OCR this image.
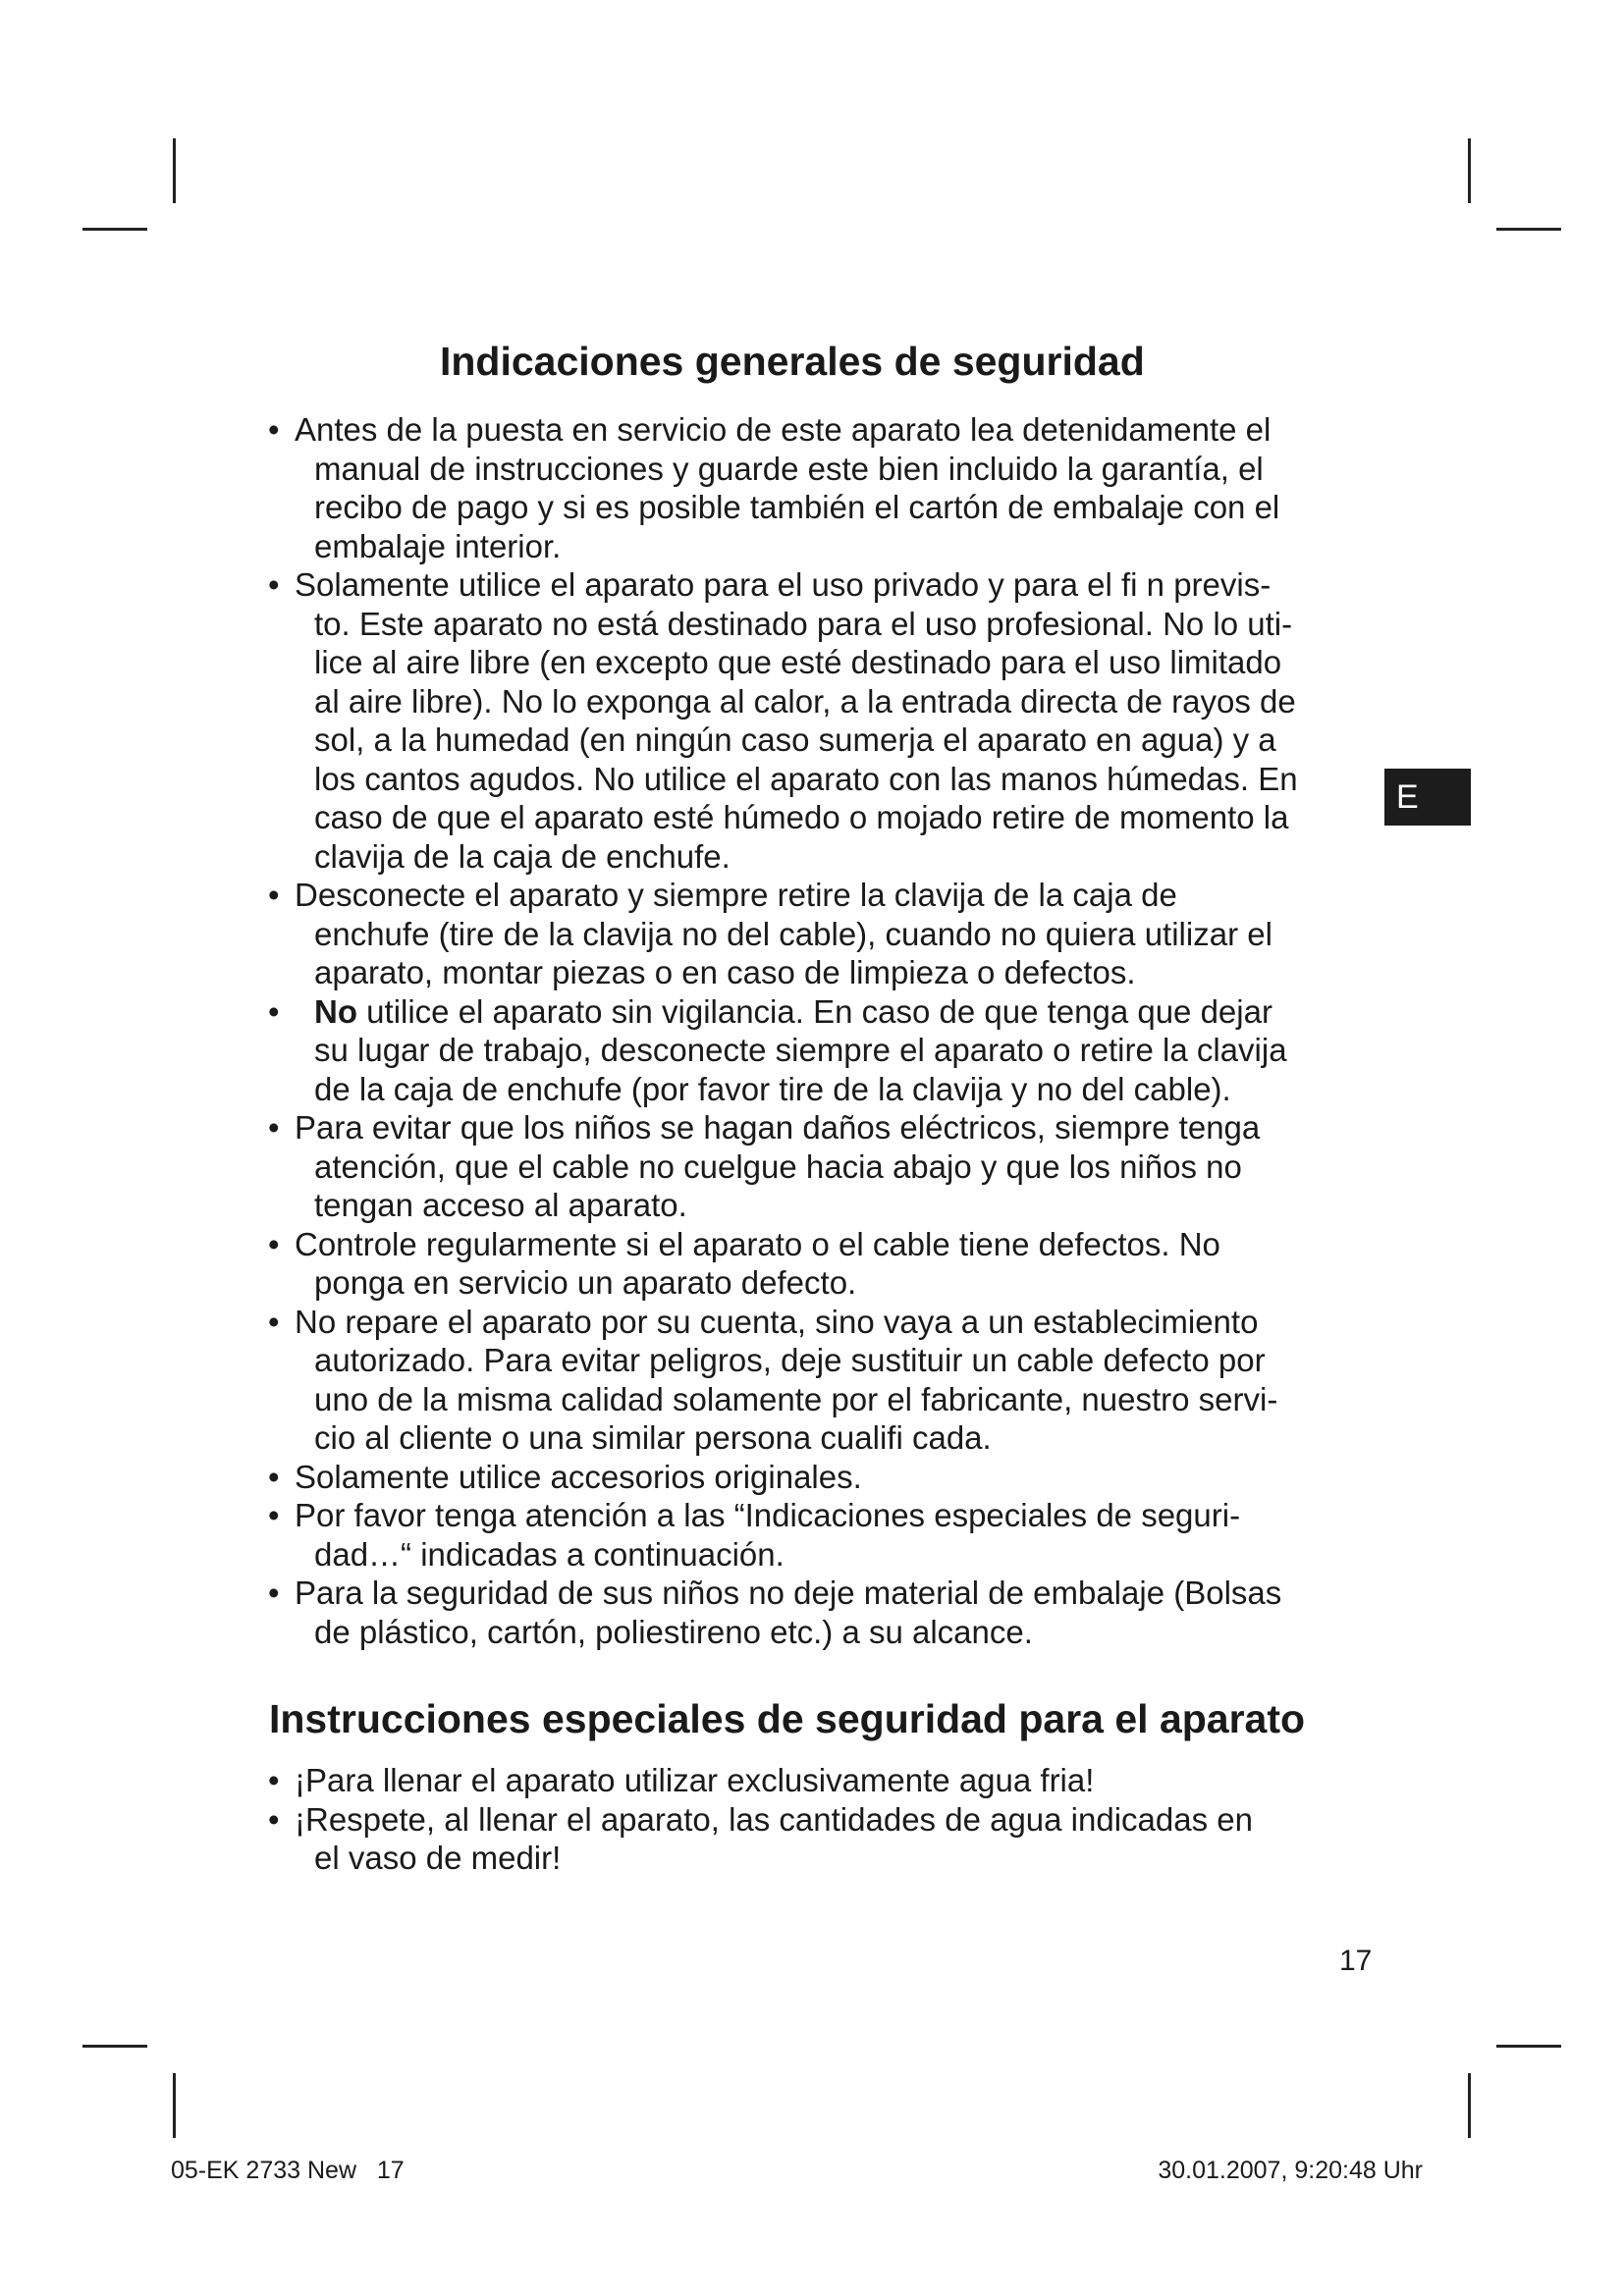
E
Indicaciones generales de seguridad
• Antes de la puesta en servicio de este aparato lea detenidamente el
manual de instrucciones y guarde este bien incluido la garantía, el
recibo de pago y si es posible también el cartón de embalaje con el
embalaje interior.
• Solamente utilice el aparato para el uso privado y para el fi n previs-
to. Este aparato no está destinado para el uso profesional. No lo uti-
lice al aire libre (en excepto que esté destinado para el uso limitado
al aire libre). No lo exponga al calor, a la entrada directa de rayos de
sol, a la humedad (en ningún caso sumerja el aparato en agua) y a
los cantos agudos. No utilice el aparato con las manos húmedas. En
caso de que el aparato esté húmedo o mojado retire de momento la
clavija de la caja de enchufe.
• Desconecte el aparato y siempre retire la clavija de la caja de
enchufe (tire de la clavija no del cable), cuando no quiera utilizar el
aparato, montar piezas o en caso de limpieza o defectos.
• No utilice el aparato sin vigilancia. En caso de que tenga que dejar
su lugar de trabajo, desconecte siempre el aparato o retire la clavija
de la caja de enchufe (por favor tire de la clavija y no del cable).
• Para evitar que los niños se hagan daños eléctricos, siempre tenga
atención, que el cable no cuelgue hacia abajo y que los niños no
tengan acceso al aparato.
• Controle regularmente si el aparato o el cable tiene defectos. No
ponga en servicio un aparato defecto.
• No repare el aparato por su cuenta, sino vaya a un establecimiento
autorizado. Para evitar peligros, deje sustituir un cable defecto por
uno de la misma calidad solamente por el fabricante, nuestro servi-
cio al cliente o una similar persona cualifi cada.
• Solamente utilice accesorios originales.
• Por favor tenga atención a las “Indicaciones especiales de seguri-
dad…“ indicadas a continuación.
• Para la seguridad de sus niños no deje material de embalaje (Bolsas
de plástico, cartón, poliestireno etc.) a su alcance.
Instrucciones especiales de seguridad para el aparato
• ¡Para llenar el aparato utilizar exclusivamente agua fria!
• ¡Respete, al llenar el aparato, las cantidades de agua indicadas en
el vaso de medir!
17
05-EK 2733 New   17	30.01.2007, 9:20:48 Uhr
